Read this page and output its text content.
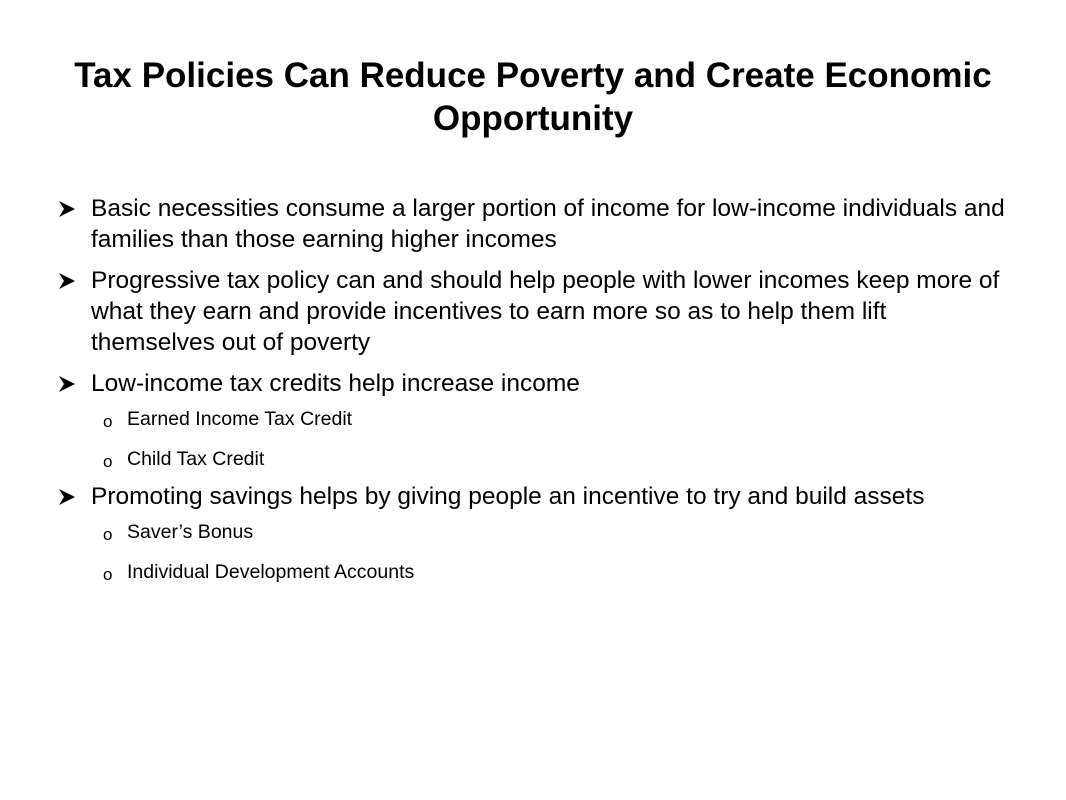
Tax Policies Can Reduce Poverty and Create Economic Opportunity
Basic necessities consume a larger portion of income for low-income individuals and families than those earning higher incomes
Progressive tax policy can and should help people with lower incomes keep more of what they earn and provide incentives to earn more so as to help them lift themselves out of poverty
Low-income tax credits help increase income
o Earned Income Tax Credit
o Child Tax Credit
Promoting savings helps by giving people an incentive to try and build assets
o Saver’s Bonus
o Individual Development Accounts
